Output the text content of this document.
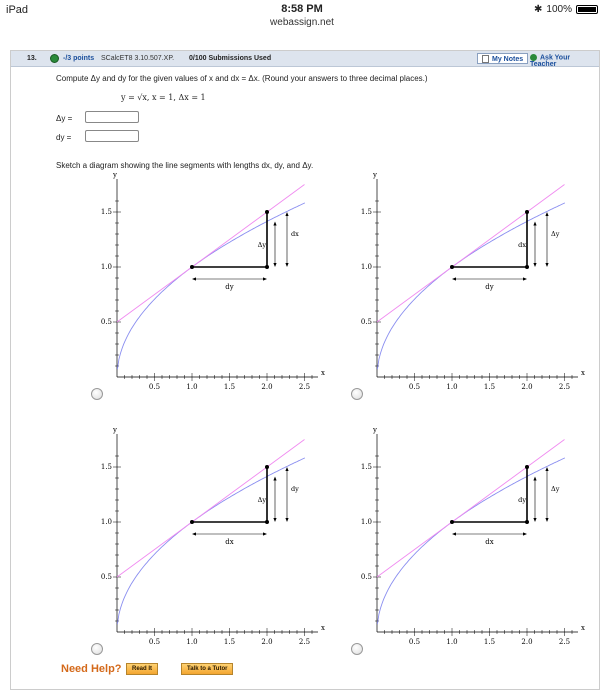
iPad	8:58 PM
webassign.net
✱ 100%
13.	-/3 points SCalcET8 3.10.507.XP. 0/100 Submissions Used	My Notes	Ask Your Teacher
Compute Δy and dy for the given values of x and dx = Δx. (Round your answers to three decimal places.)
y = √x, x = 1, Δx = 1
Δy =
dy =
Sketch a diagram showing the line segments with lengths dx, dy, and Δy.
0.5	1.0	1.5	2.0	2.5
0.5
1.0
1.5
x
y
dy
Δy
dx
0.5	1.0	1.5	2.0	2.5
0.5
1.0
1.5
x
y
dy
dx
Δy
0.5	1.0	1.5	2.0	2.5
0.5
1.0
1.5
x
y
dx
Δy
dy
0.5	1.0	1.5	2.0	2.5
0.5
1.0
1.5
x
y
dx
dy
Δy
Need Help?	Read It	Talk to a Tutor
